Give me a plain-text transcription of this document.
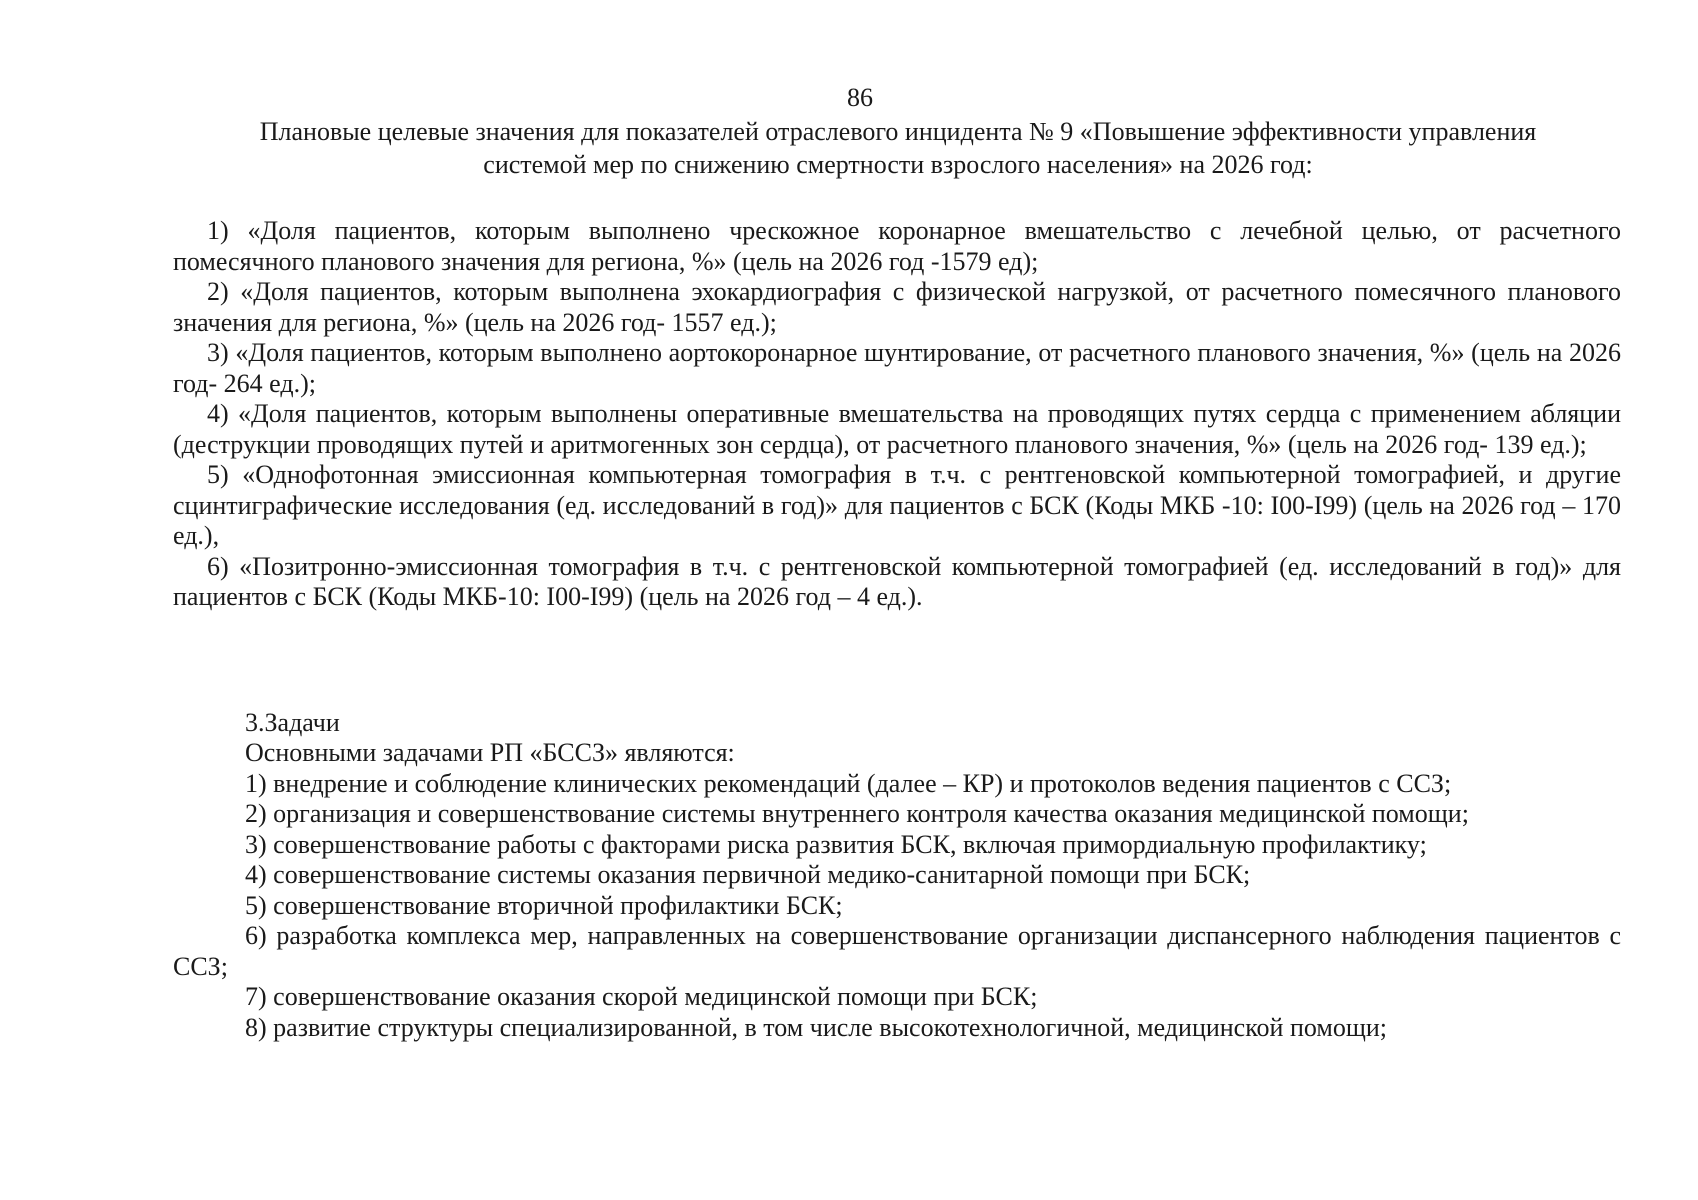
86
Плановые целевые значения для показателей отраслевого инцидента № 9 «Повышение эффективности управления
системой мер по снижению смертности взрослого населения» на 2026 год:

1) «Доля пациентов, которым выполнено чрескожное коронарное вмешательство с лечебной целью, от расчетного помесячного планового значения для региона, %» (цель на 2026 год -1579 ед);

2) «Доля пациентов, которым выполнена эхокардиография с физической нагрузкой, от расчетного помесячного планового значения для региона, %» (цель на 2026 год- 1557 ед.);

3) «Доля пациентов, которым выполнено аортокоронарное шунтирование, от расчетного планового значения, %» (цель на 2026 год- 264 ед.);

4) «Доля пациентов, которым выполнены оперативные вмешательства на проводящих путях сердца с применением абляции (деструкции проводящих путей и аритмогенных зон сердца), от расчетного планового значения, %» (цель на 2026 год- 139 ед.);

5) «Однофотонная эмиссионная компьютерная томография в т.ч. с рентгеновской компьютерной томографией, и другие сцинтиграфические исследования (ед. исследований в год)» для пациентов с БСК (Коды МКБ -10: I00-I99) (цель на 2026 год – 170 ед.),

6) «Позитронно-эмиссионная томография в т.ч. с рентгеновской компьютерной томографией (ед. исследований в год)» для пациентов с БСК (Коды МКБ-10: I00-I99) (цель на 2026 год – 4 ед.).

3.Задачи

Основными задачами РП «БССЗ» являются:

1) внедрение и соблюдение клинических рекомендаций (далее – КР) и протоколов ведения пациентов с ССЗ;

2) организация и совершенствование системы внутреннего контроля качества оказания медицинской помощи;

3) совершенствование работы с факторами риска развития БСК, включая примордиальную профилактику;

4) совершенствование системы оказания первичной медико-санитарной помощи при БСК;

5) совершенствование вторичной профилактики БСК;

6) разработка комплекса мер, направленных на совершенствование организации диспансерного наблюдения пациентов с ССЗ;

7) совершенствование оказания скорой медицинской помощи при БСК;

8) развитие структуры специализированной, в том числе высокотехнологичной, медицинской помощи;
